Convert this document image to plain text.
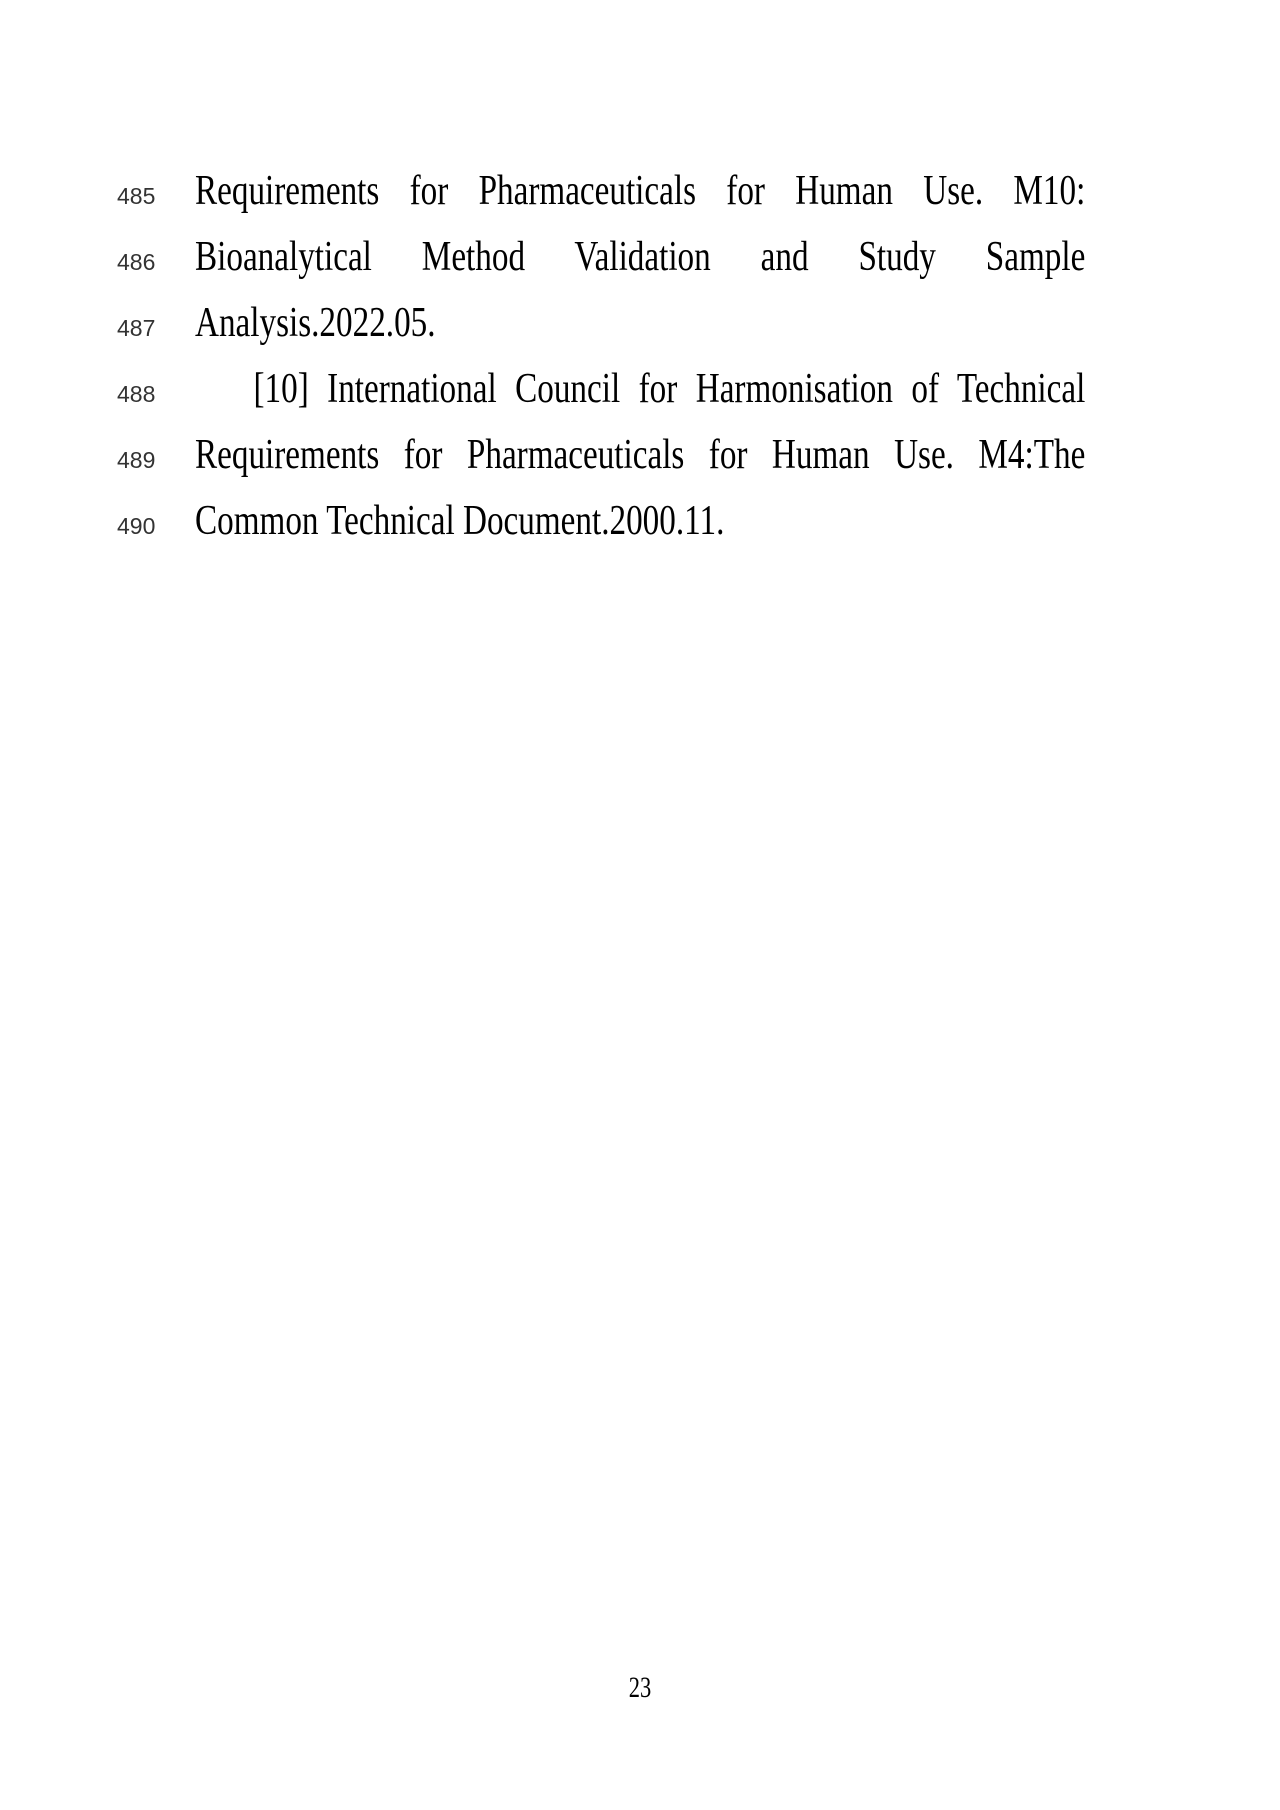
485 Requirements for Pharmaceuticals for Human Use. M10:
486 Bioanalytical Method Validation and Study Sample
487 Analysis.2022.05.
488	[10] International Council for Harmonisation of Technical
489 Requirements for Pharmaceuticals for Human Use. M4:The
490 Common Technical Document.2000.11.
23
